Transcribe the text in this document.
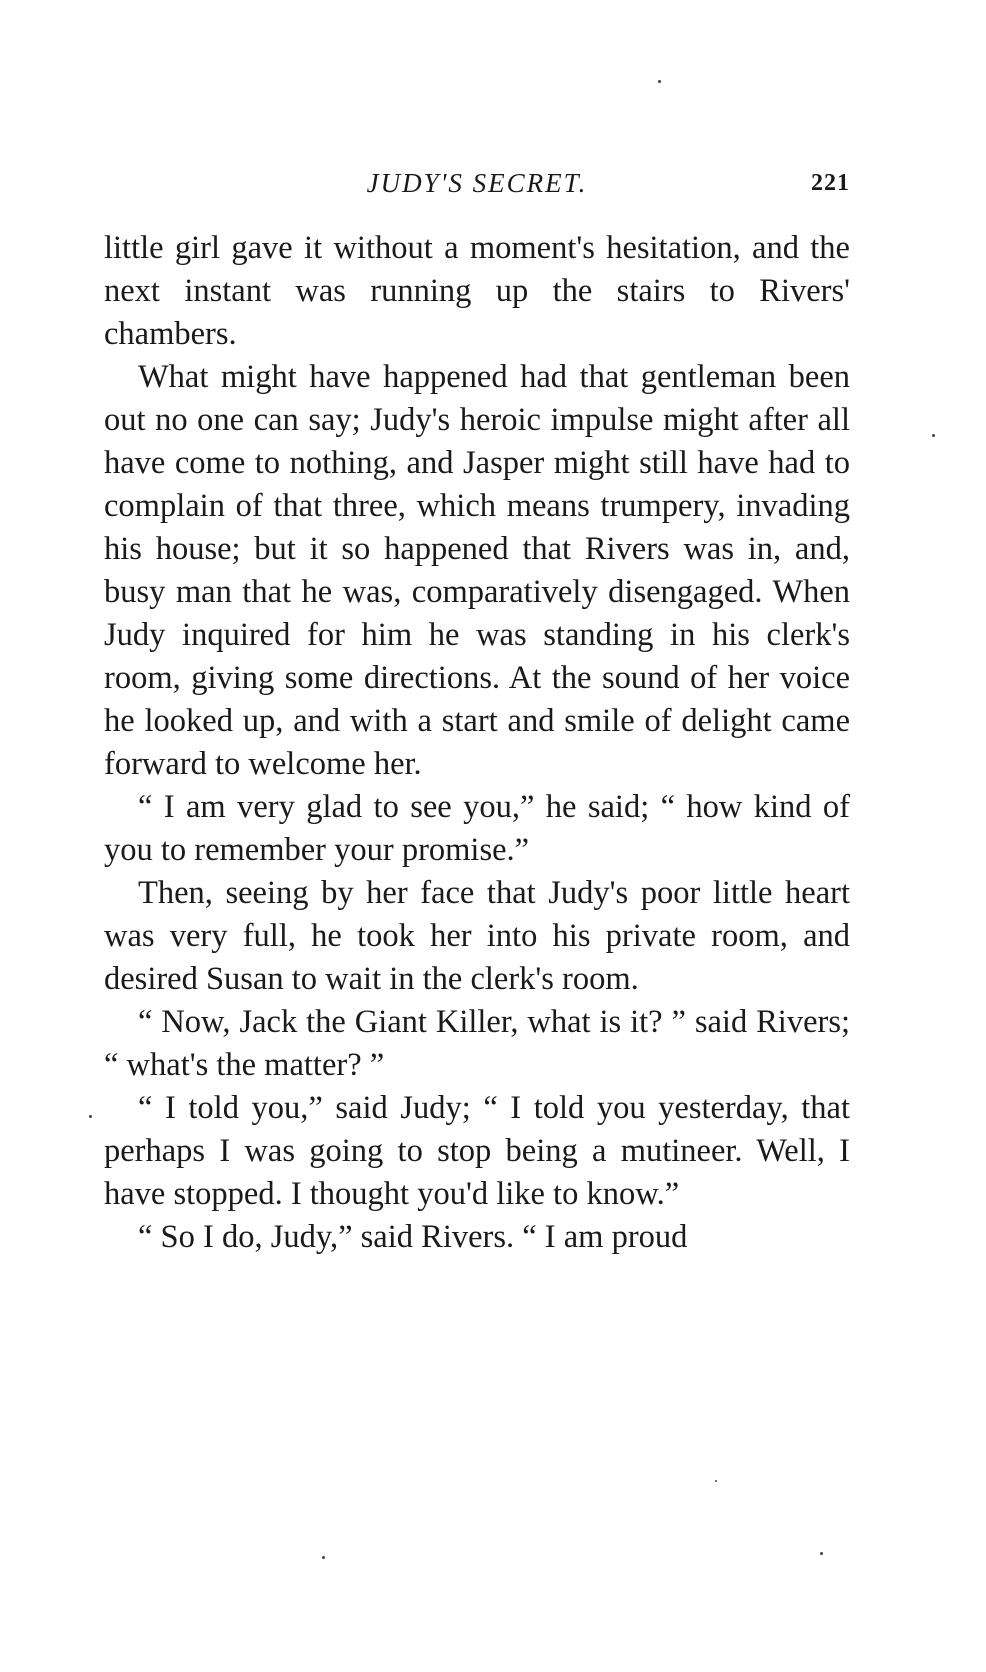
JUDY'S SECRET.	221

little girl gave it without a moment's hesitation, and the next instant was running up the stairs to Rivers' chambers.

What might have happened had that gentleman been out no one can say; Judy's heroic impulse might after all have come to nothing, and Jasper might still have had to complain of that three, which means trumpery, invading his house; but it so happened that Rivers was in, and, busy man that he was, comparatively disengaged. When Judy inquired for him he was standing in his clerk's room, giving some directions. At the sound of her voice he looked up, and with a start and smile of delight came forward to welcome her.

“ I am very glad to see you,” he said; “ how kind of you to remember your promise.”

Then, seeing by her face that Judy's poor little heart was very full, he took her into his private room, and desired Susan to wait in the clerk's room.

“ Now, Jack the Giant Killer, what is it? ” said Rivers; “ what's the matter? ”

“ I told you,” said Judy; “ I told you yesterday, that perhaps I was going to stop being a mutineer. Well, I have stopped. I thought you'd like to know.”

“ So I do, Judy,” said Rivers. “ I am proud
